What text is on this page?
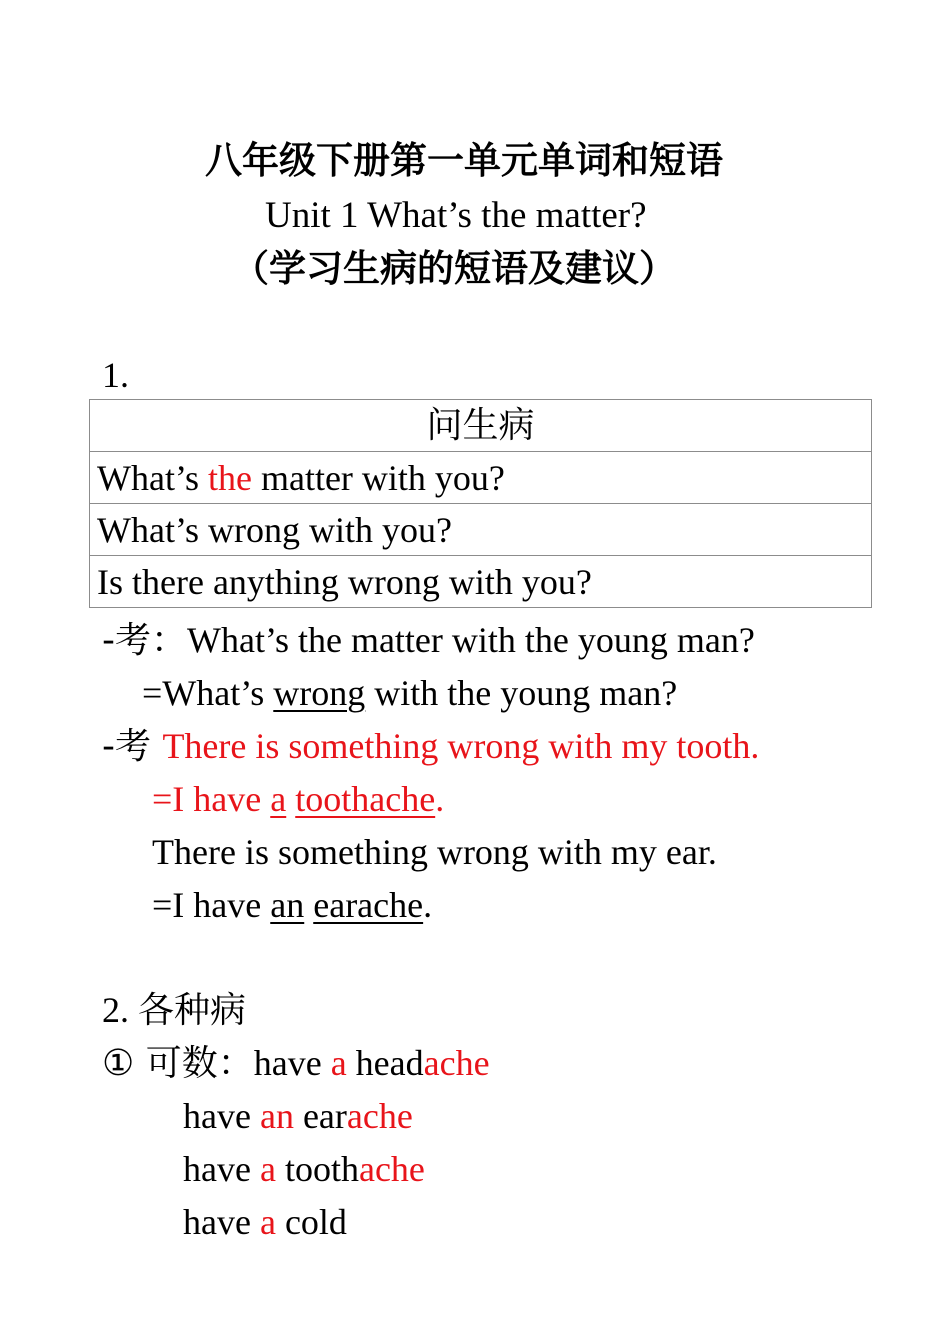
八年级下册第一单元单词和短语
Unit 1 What’s the matter?
（学习生病的短语及建议）
1.
问生病
What’s the matter with you?
What’s wrong with you?
Is there anything wrong with you?
-考：What’s the matter with the young man?
=What’s wrong with the young man?
-考 There is something wrong with my tooth.
=I have a toothache.
There is something wrong with my ear.
=I have an earache.
2. 各种病
① 可数：have a headache
have an earache
have a toothache
have a cold
